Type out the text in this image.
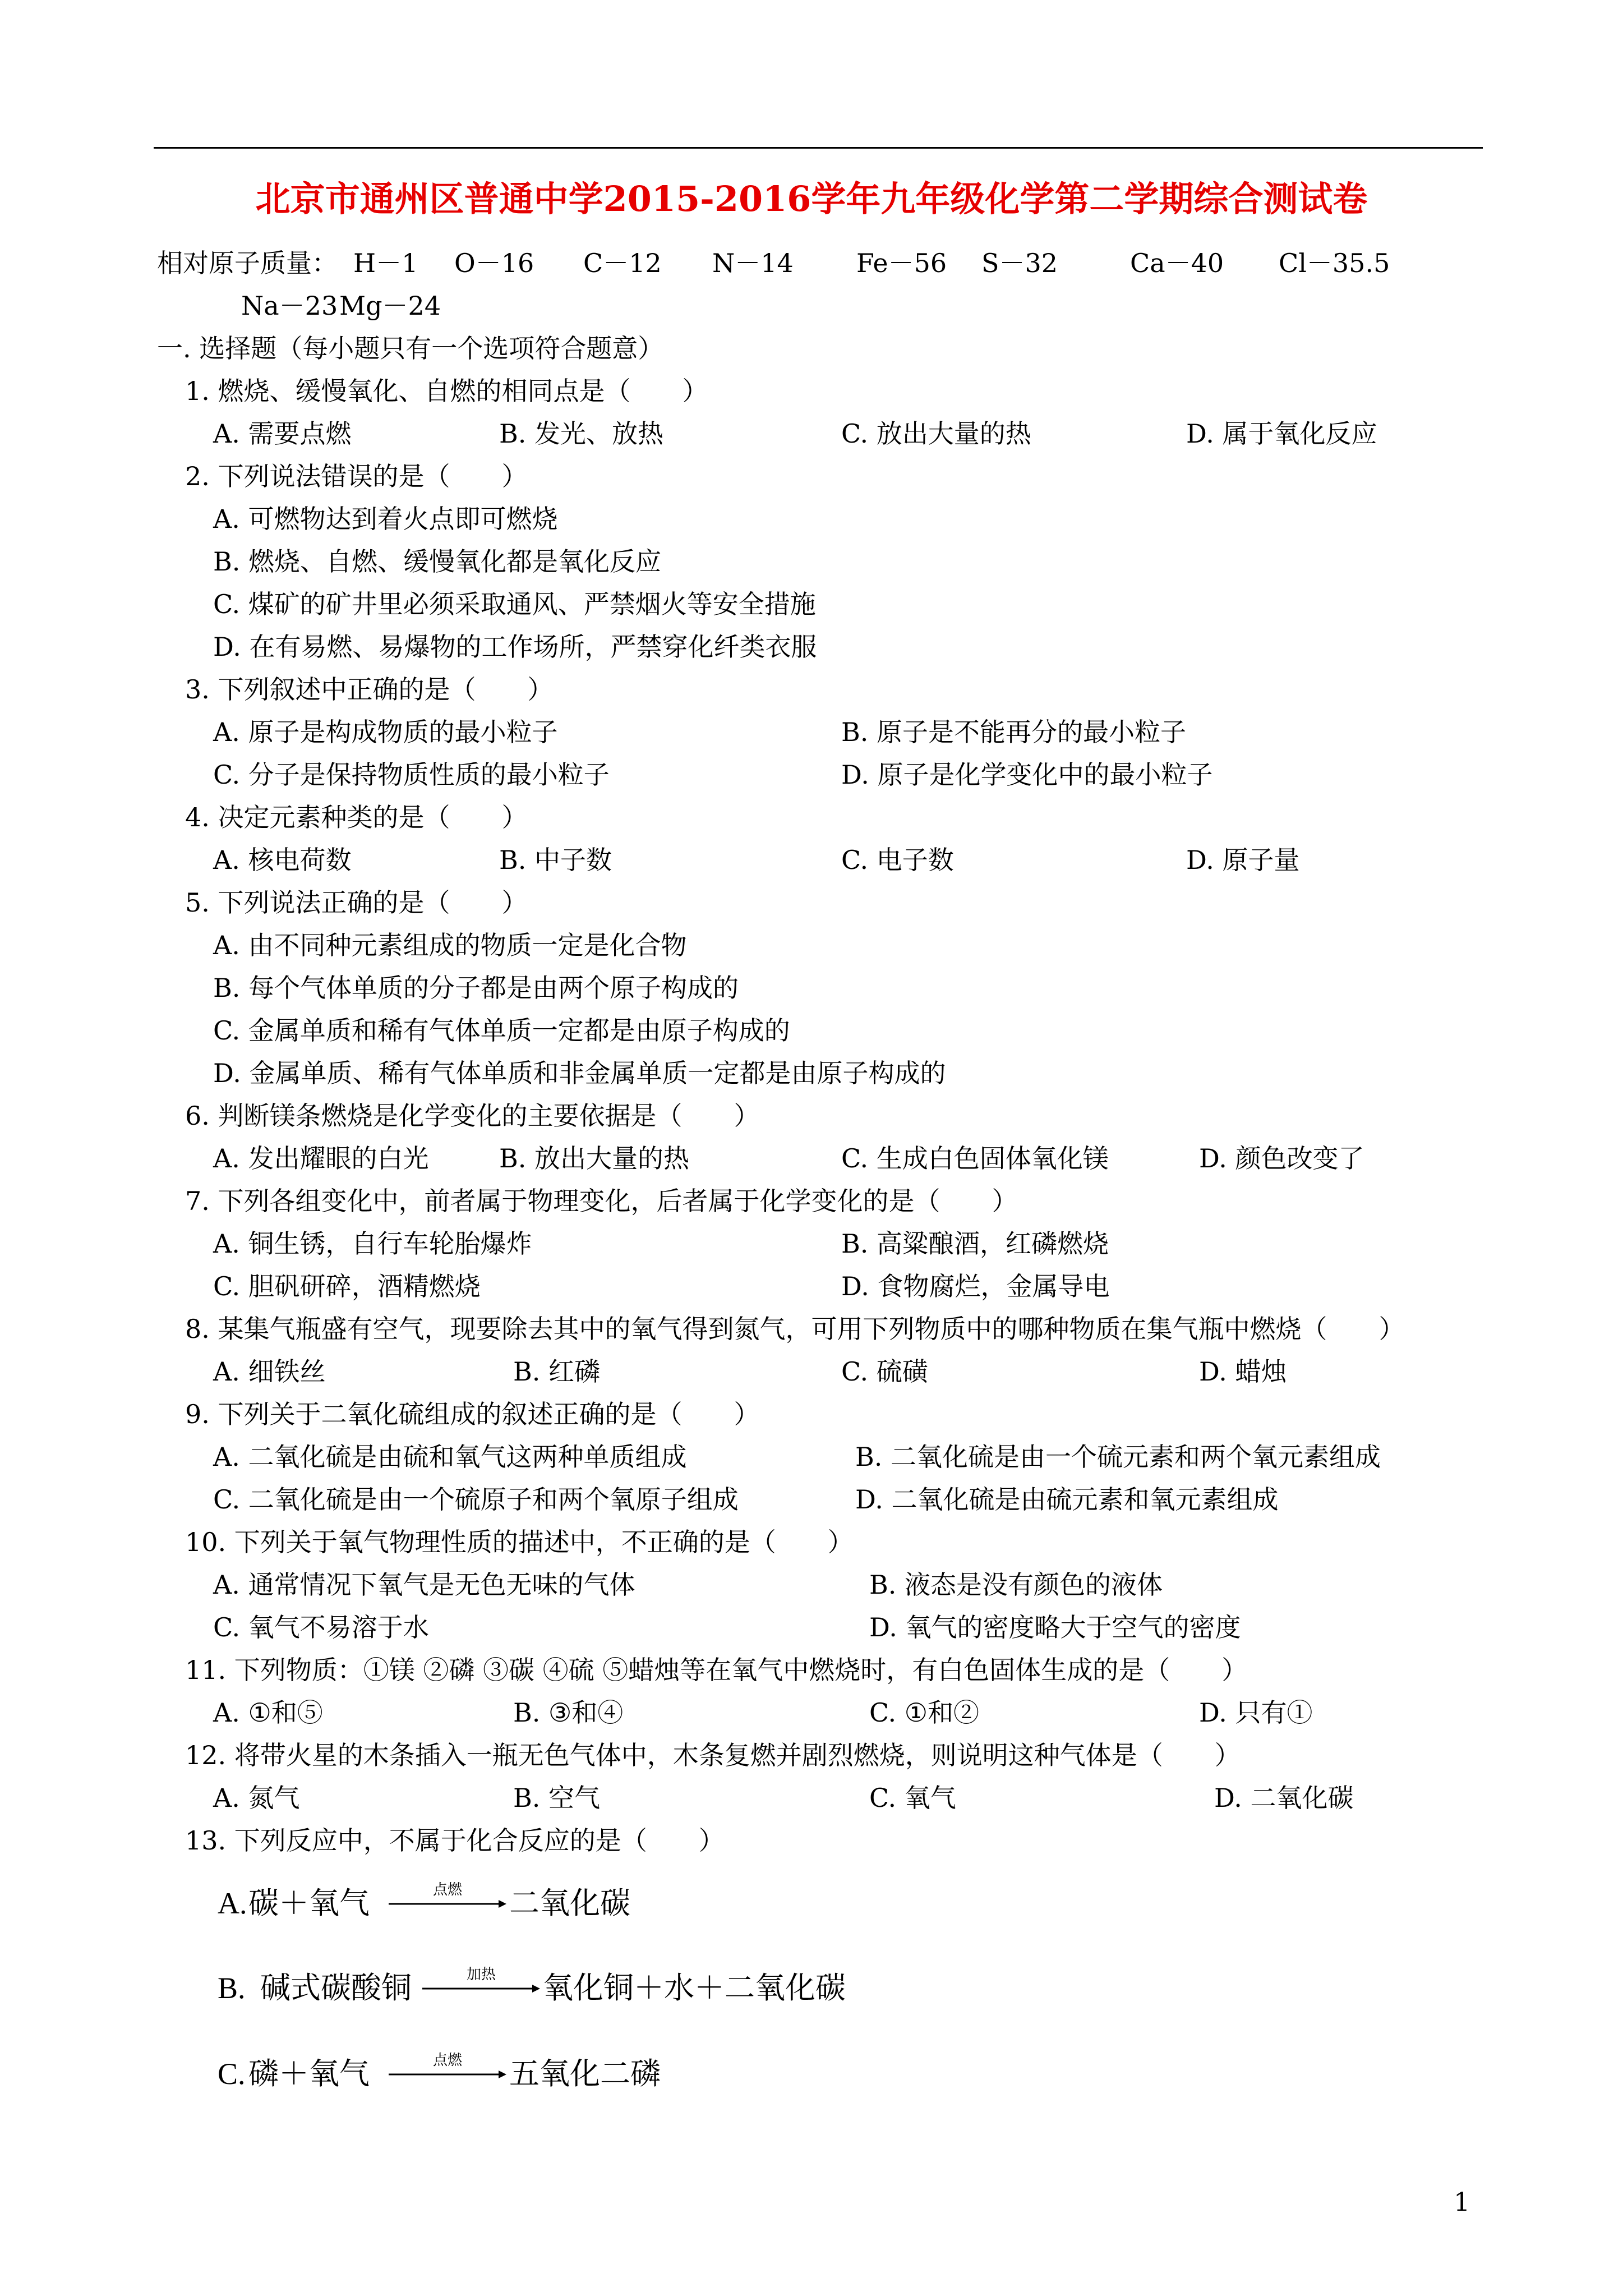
北京市通州区普通中学2015-2016学年九年级化学第二学期综合测试卷
相对原子质量： H－1 O－16 C－12 N－14 Fe－56 S－32	Ca－40 Cl－35.5
Na－23 Mg－24
一. 选择题（每小题只有一个选项符合题意）
1. 燃烧、缓慢氧化、自燃的相同点是（　　）
A. 需要点燃	B. 发光、放热	C. 放出大量的热	D. 属于氧化反应
2. 下列说法错误的是（　　）
A. 可燃物达到着火点即可燃烧
B. 燃烧、自燃、缓慢氧化都是氧化反应
C. 煤矿的矿井里必须采取通风、严禁烟火等安全措施
D. 在有易燃、易爆物的工作场所，严禁穿化纤类衣服
3. 下列叙述中正确的是（　　）
A. 原子是构成物质的最小粒子	B. 原子是不能再分的最小粒子
C. 分子是保持物质性质的最小粒子	D. 原子是化学变化中的最小粒子
4. 决定元素种类的是（　　）
A. 核电荷数	B. 中子数	C. 电子数	D. 原子量
5. 下列说法正确的是（　　）
A. 由不同种元素组成的物质一定是化合物
B. 每个气体单质的分子都是由两个原子构成的
C. 金属单质和稀有气体单质一定都是由原子构成的
D. 金属单质、稀有气体单质和非金属单质一定都是由原子构成的
6. 判断镁条燃烧是化学变化的主要依据是（　　）
A. 发出耀眼的白光	B. 放出大量的热	C. 生成白色固体氧化镁	D. 颜色改变了
7. 下列各组变化中，前者属于物理变化，后者属于化学变化的是（　　）
A. 铜生锈，自行车轮胎爆炸	B. 高粱酿酒，红磷燃烧
C. 胆矾研碎，酒精燃烧	D. 食物腐烂，金属导电
8. 某集气瓶盛有空气，现要除去其中的氧气得到氮气，可用下列物质中的哪种物质在集气瓶中燃烧（　　）
A. 细铁丝	B. 红磷	C. 硫磺	D. 蜡烛
9. 下列关于二氧化硫组成的叙述正确的是（　　）
A. 二氧化硫是由硫和氧气这两种单质组成	B. 二氧化硫是由一个硫元素和两个氧元素组成
C. 二氧化硫是由一个硫原子和两个氧原子组成	D. 二氧化硫是由硫元素和氧元素组成
10. 下列关于氧气物理性质的描述中，不正确的是（　　）
A. 通常情况下氧气是无色无味的气体	B. 液态是没有颜色的液体
C. 氧气不易溶于水	D. 氧气的密度略大于空气的密度
11. 下列物质：①镁 ②磷 ③碳 ④硫 ⑤蜡烛等在氧气中燃烧时，有白色固体生成的是（　　）
A. ①和⑤	B. ③和④	C. ①和②	D. 只有①
12. 将带火星的木条插入一瓶无色气体中，木条复燃并剧烈燃烧，则说明这种气体是（　　）
A. 氮气	B. 空气	C. 氧气	D. 二氧化碳
13. 下列反应中，不属于化合反应的是（　　）
A. 碳＋氧气	点燃	二氧化碳
B. 碱式碳酸铜	加热	氧化铜＋水＋二氧化碳
C. 磷＋氧气	点燃	五氧化二磷
1
